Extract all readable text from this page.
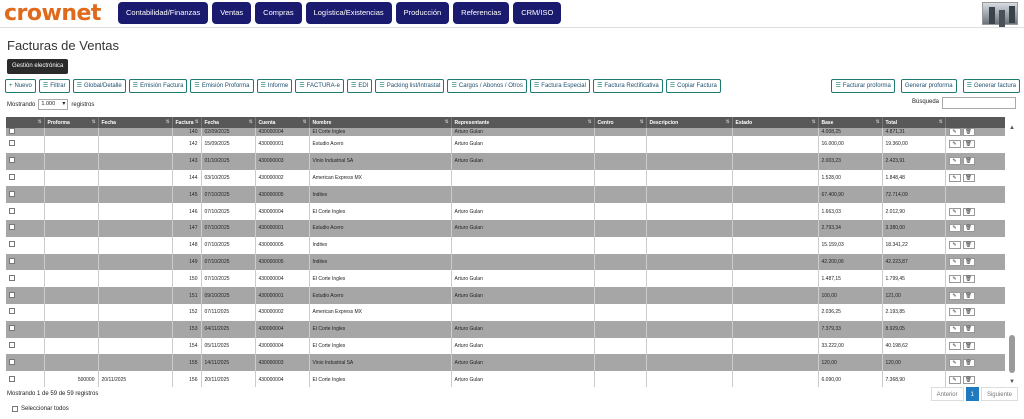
crownet	Contabilidad/Finanzas	Ventas	Compras	Logística/Existencias	Producción	Referencias	CRM/ISO
Facturas de Ventas
Gestión electrónica
+ Nuevo	☰ Filtrar	☰ Global/Detalle	☰ Emisión Factura	☰ Emisión Proforma	☰ Informe	☰ FACTURA-e	☰ EDI	☰ Packing list/Intrastat	☰ Cargos / Abonos / Otros	☰ Factura Especial	☰ Factura Rectificativa	☰ Copiar Factura	☰ Facturar proforma	Generar proforma	☰ Generar factura
Mostrando	1.000 ▾ registros	Búsqueda
⇅	Proforma ⇅	Fecha ⇅	Factura ⇅	Fecha ⇅	Cuenta ⇅	Nombre ⇅	Representante ⇅	Centro ⇅	Descripcion ⇅	Estado ⇅	Base ⇅	Total ⇅	

			140	02/09/2025	430000004	El Corte Ingles	Arturo Gulan				4.008,25	4.871,31	✎ 🗑
			142	15/09/2025	430000001	Estudio Acero	Arturo Gulan				16.000,00	19.360,00	✎ 🗑
			143	01/10/2025	430000003	Vinio Industrial SA	Arturo Gulan				2.003,23	2.423,91	✎ 🗑
			144	03/10/2025	430000002	American Express MX					1.528,00	1.848,48	✎ 🗑
			145	07/10/2025	430000005	Inditex					67.400,90	72.714,09	
			146	07/10/2025	430000004	El Corte Ingles	Arturo Gulan				1.663,03	2.012,90	✎ 🗑
			147	07/10/2025	430000001	Estudio Acero	Arturo Gulan				2.793,34	3.380,00	✎ 🗑
			148	07/10/2025	430000005	Inditex					15.159,03	18.341,22	✎ 🗑
			149	07/10/2025	430000005	Inditex					42.200,06	42.223,87	✎ 🗑
			150	07/10/2025	430000004	El Corte Ingles	Arturo Gulan				1.487,15	1.799,45	✎ 🗑
			151	09/10/2025	430000001	Estudio Acero	Arturo Gulan				100,00	121,00	✎ 🗑
			152	07/11/2025	430000002	American Express MX					2.036,25	2.193,85	✎ 🗑
			153	04/11/2025	430000004	El Corte Ingles	Arturo Gulan				7.379,33	8.929,05	✎ 🗑
			154	05/11/2025	430000004	El Corte Ingles	Arturo Gulan				33.222,00	40.198,62	✎ 🗑
			155	14/11/2025	430000003	Vinio Industrial SA	Arturo Gulan				120,00	120,00	✎ 🗑
	500000	20/11/2025	156	20/11/2025	430000004	El Corte Ingles	Arturo Gulan				6.090,00	7.368,90	✎ 🗑
▲
▼
Mostrando 1 de 59 de 59 registros
Seleccionar todos
Anterior	1	Siguiente
